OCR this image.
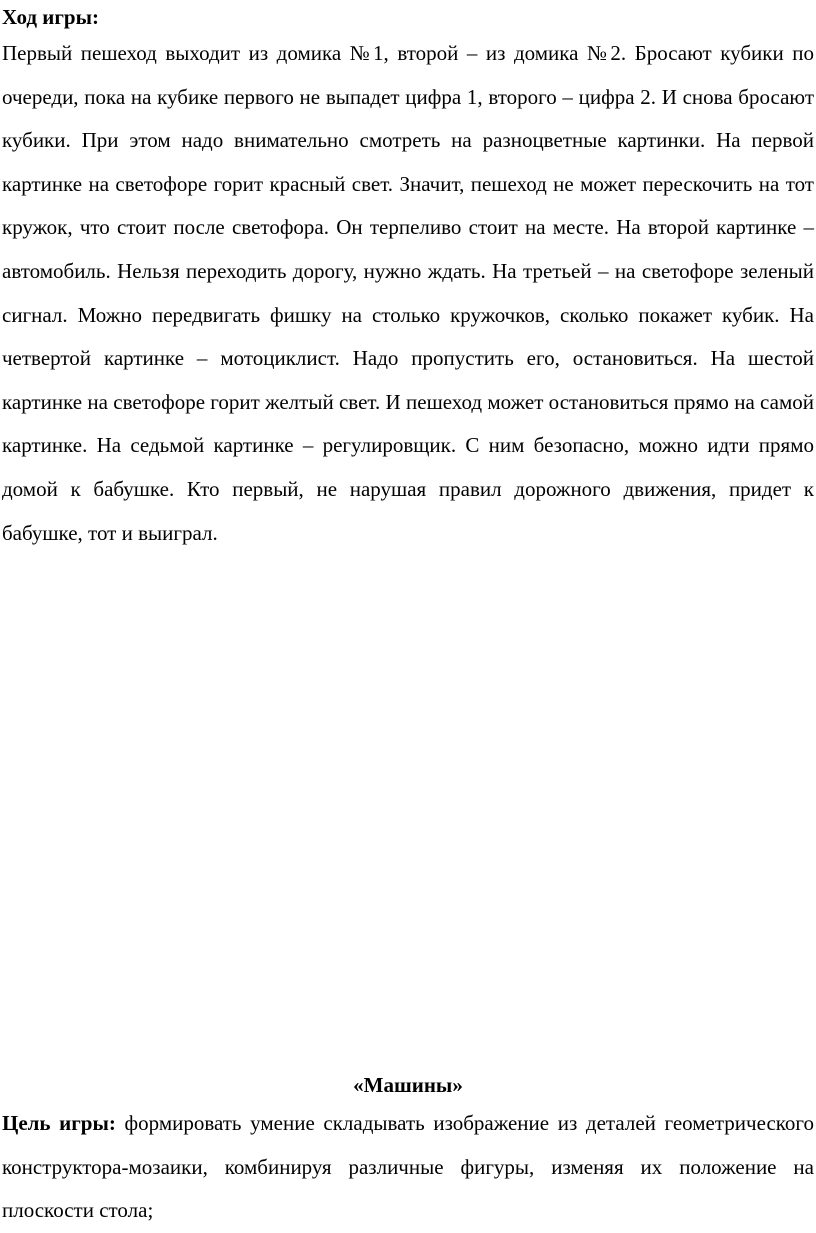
Ход игры:
Первый пешеход выходит из домика №1, второй – из домика №2. Бросают кубики по очереди, пока на кубике первого не выпадет цифра 1, второго – цифра 2. И снова бросают кубики. При этом надо внимательно смотреть на разноцветные картинки. На первой картинке на светофоре горит красный свет. Значит, пешеход не может перескочить на тот кружок, что стоит после светофора. Он терпеливо стоит на месте. На второй картинке – автомобиль. Нельзя переходить дорогу, нужно ждать. На третьей – на светофоре зеленый сигнал. Можно передвигать фишку на столько кружочков, сколько покажет кубик. На четвертой картинке – мотоциклист. Надо пропустить его, остановиться. На шестой картинке на светофоре горит желтый свет. И пешеход может остановиться прямо на самой картинке. На седьмой картинке – регулировщик. С ним безопасно, можно идти прямо домой к бабушке. Кто первый, не нарушая правил дорожного движения, придет к бабушке, тот и выиграл.
«Машины»
Цель игры: формировать умение складывать изображение из деталей геометрического конструктора-мозаики, комбинируя различные фигуры, изменяя их положение на плоскости стола;
